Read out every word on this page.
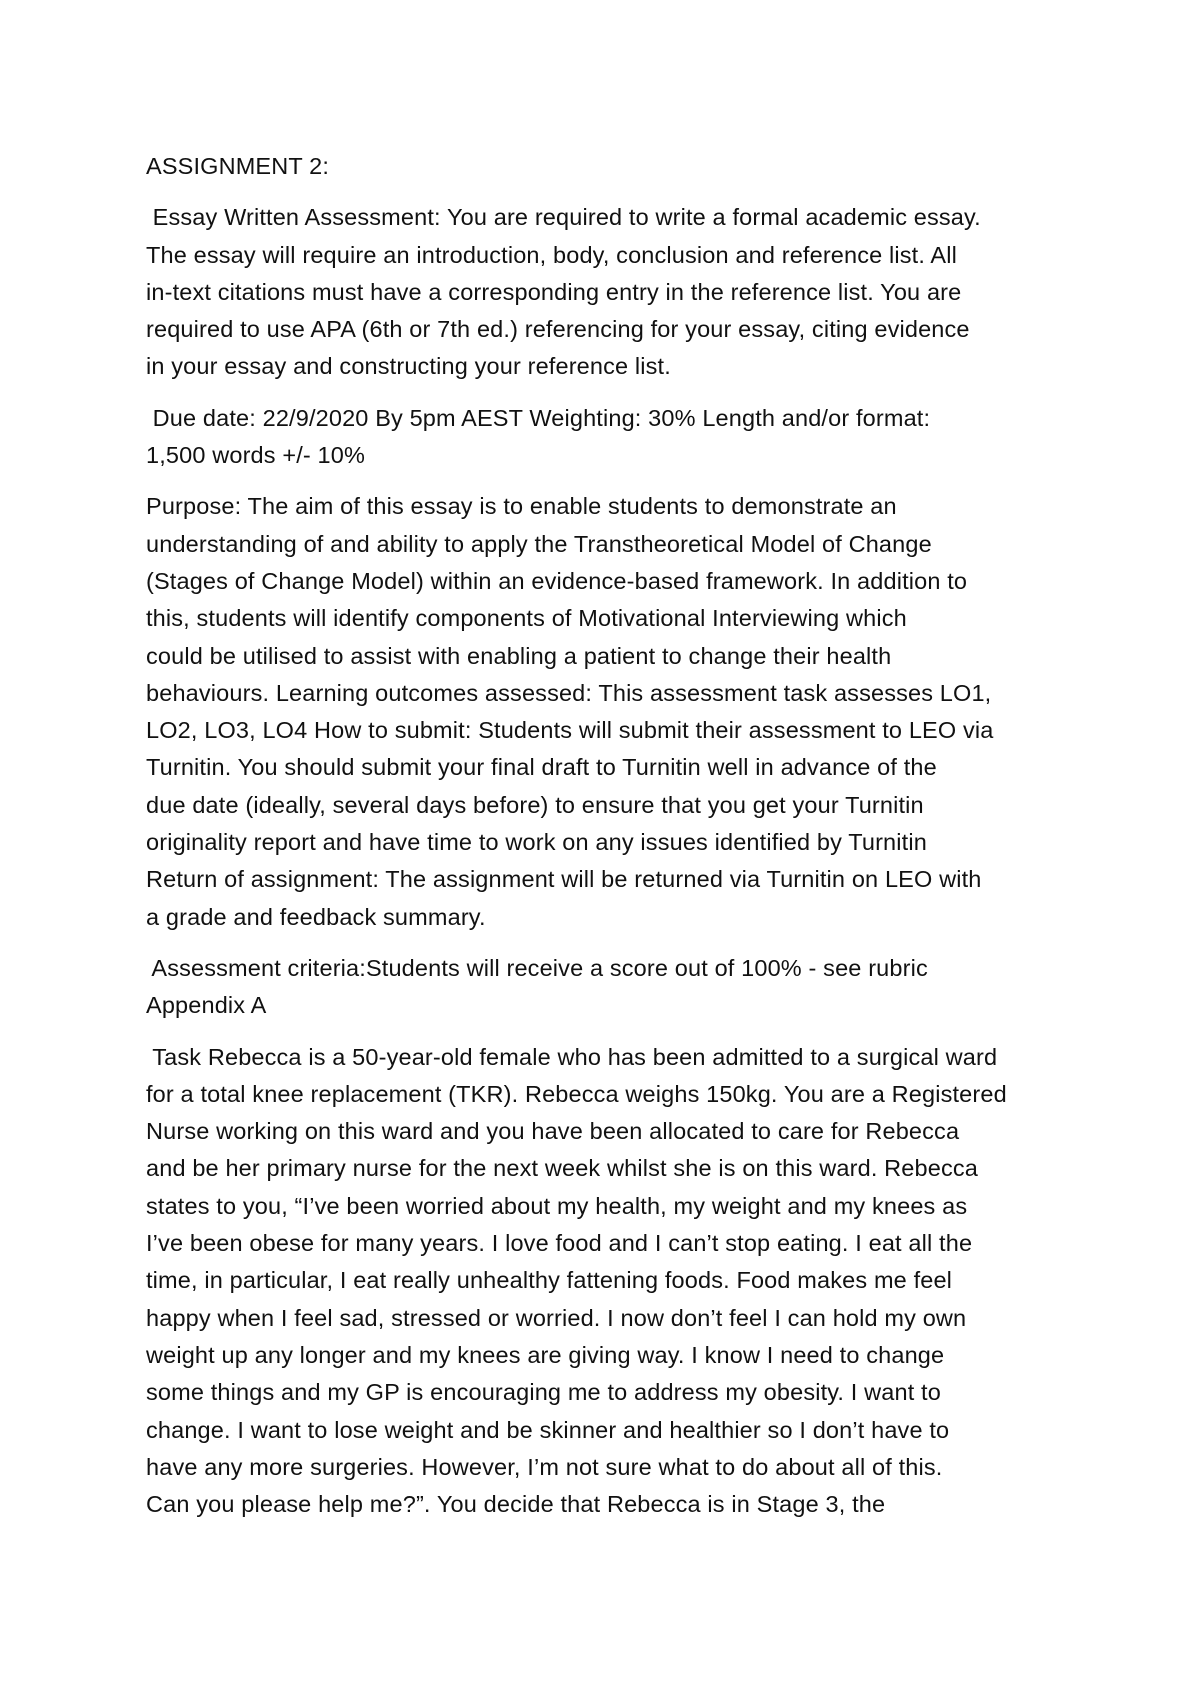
ASSIGNMENT 2:
Essay Written Assessment: You are required to write a formal academic essay.
The essay will require an introduction, body, conclusion and reference list. All
in-text citations must have a corresponding entry in the reference list. You are
required to use APA (6th or 7th ed.) referencing for your essay, citing evidence
in your essay and constructing your reference list.
Due date: 22/9/2020 By 5pm AEST Weighting: 30% Length and/or format:
1,500 words +/- 10%
Purpose: The aim of this essay is to enable students to demonstrate an
understanding of and ability to apply the Transtheoretical Model of Change
(Stages of Change Model) within an evidence-based framework. In addition to
this, students will identify components of Motivational Interviewing which
could be utilised to assist with enabling a patient to change their health
behaviours. Learning outcomes assessed: This assessment task assesses LO1,
LO2, LO3, LO4 How to submit: Students will submit their assessment to LEO via
Turnitin. You should submit your final draft to Turnitin well in advance of the
due date (ideally, several days before) to ensure that you get your Turnitin
originality report and have time to work on any issues identified by Turnitin
Return of assignment: The assignment will be returned via Turnitin on LEO with
a grade and feedback summary.
Assessment criteria:Students will receive a score out of 100% - see rubric
Appendix A
Task Rebecca is a 50-year-old female who has been admitted to a surgical ward
for a total knee replacement (TKR). Rebecca weighs 150kg. You are a Registered
Nurse working on this ward and you have been allocated to care for Rebecca
and be her primary nurse for the next week whilst she is on this ward. Rebecca
states to you, “I’ve been worried about my health, my weight and my knees as
I’ve been obese for many years. I love food and I can’t stop eating. I eat all the
time, in particular, I eat really unhealthy fattening foods. Food makes me feel
happy when I feel sad, stressed or worried. I now don’t feel I can hold my own
weight up any longer and my knees are giving way. I know I need to change
some things and my GP is encouraging me to address my obesity. I want to
change. I want to lose weight and be skinner and healthier so I don’t have to
have any more surgeries. However, I’m not sure what to do about all of this.
Can you please help me?”. You decide that Rebecca is in Stage 3, the
